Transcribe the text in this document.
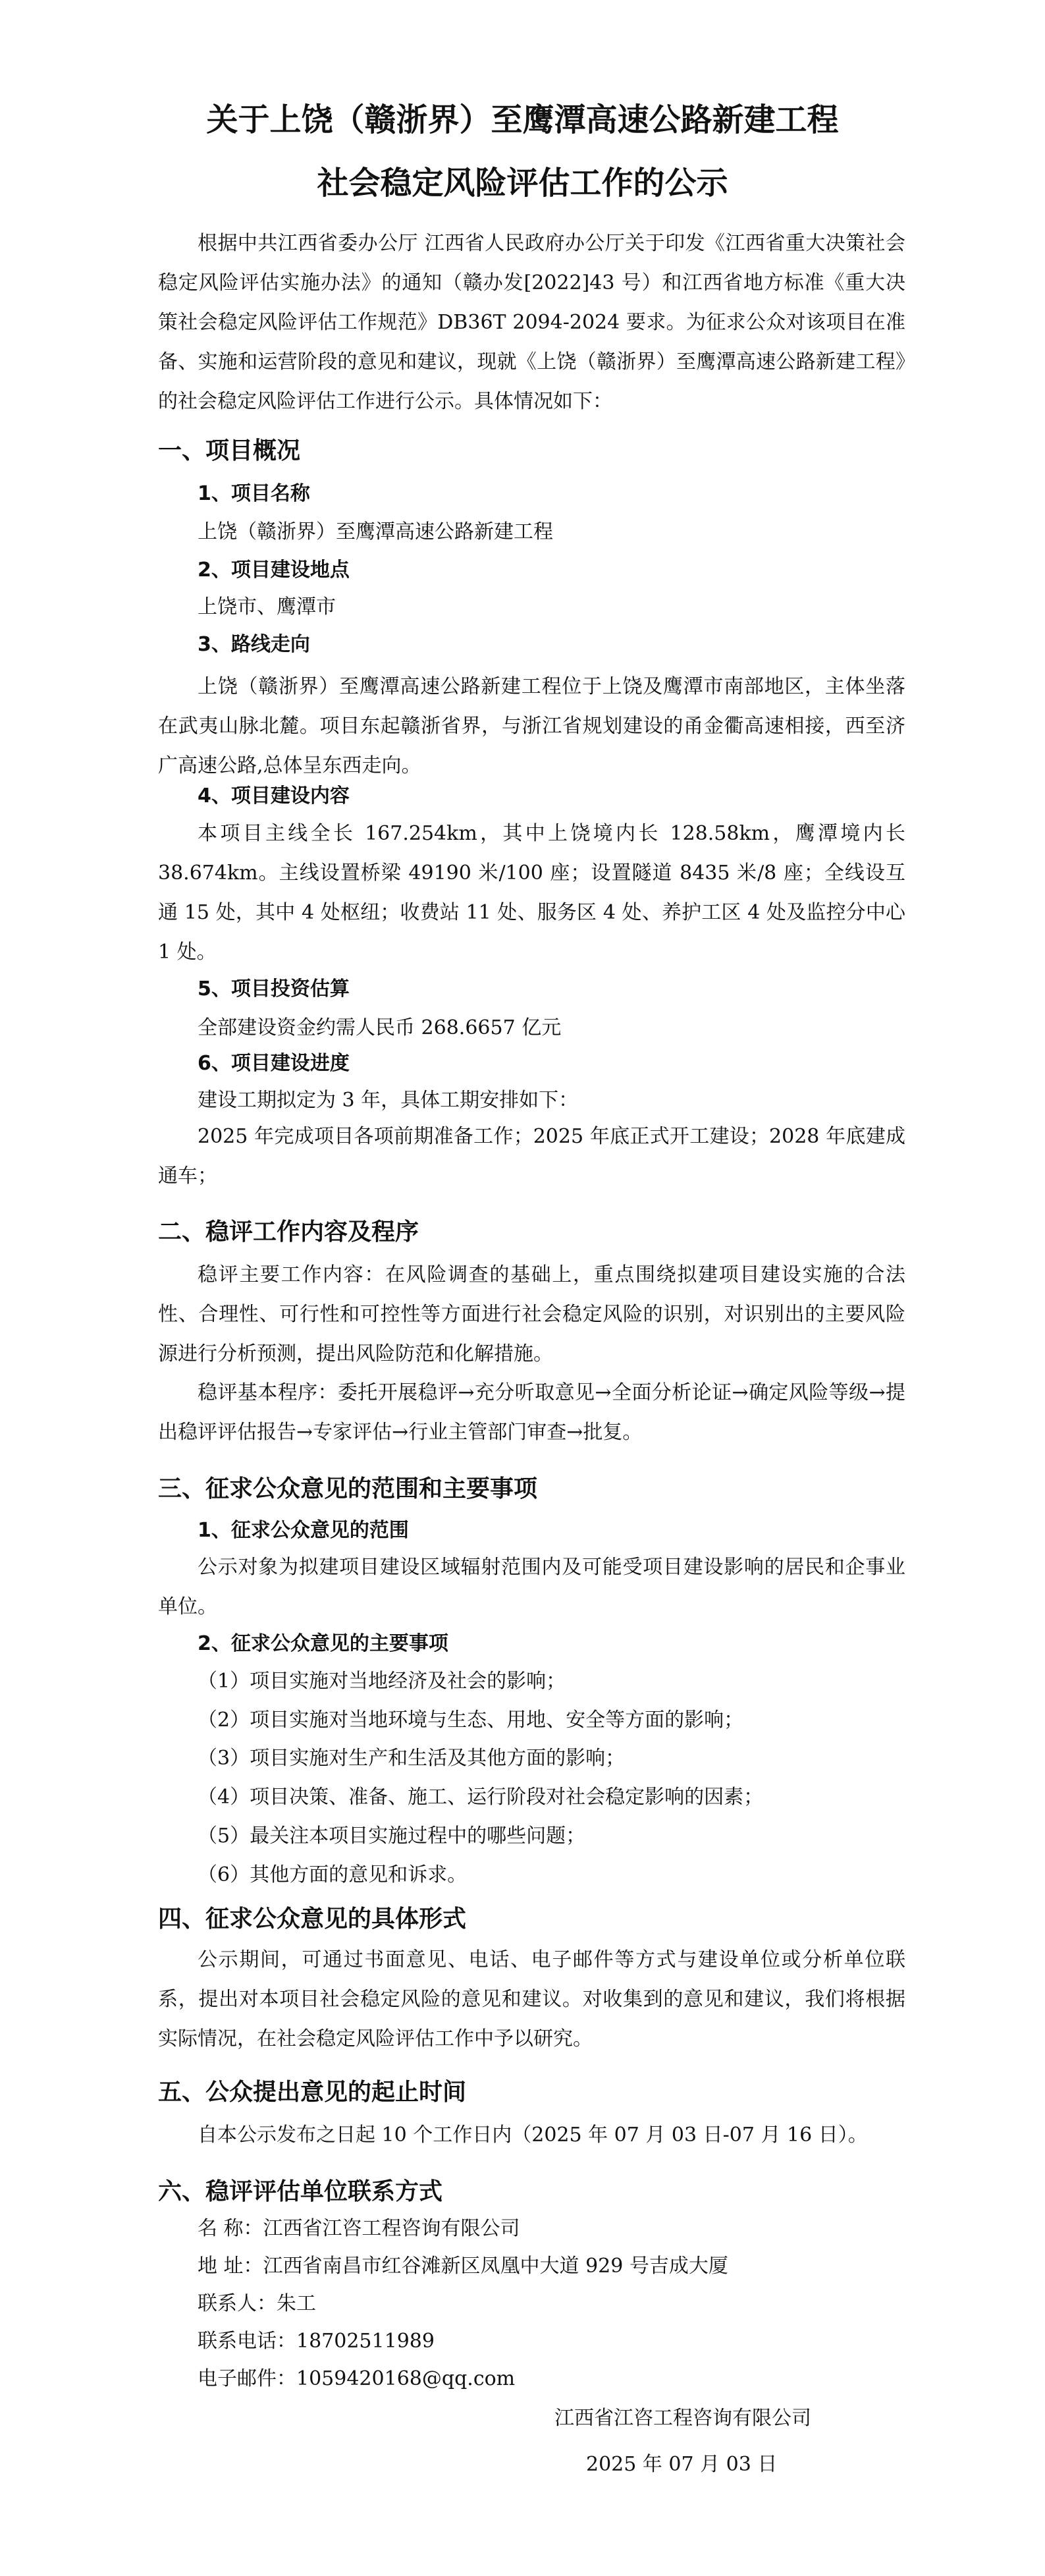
关于上饶（赣浙界）至鹰潭高速公路新建工程
社会稳定风险评估工作的公示

根据中共江西省委办公厅 江西省人民政府办公厅关于印发《江西省重大决策社会稳定风险评估实施办法》的通知（赣办发[2022]43 号）和江西省地方标准《重大决策社会稳定风险评估工作规范》DB36T 2094-2024 要求。为征求公众对该项目在准备、实施和运营阶段的意见和建议，现就《上饶（赣浙界）至鹰潭高速公路新建工程》的社会稳定风险评估工作进行公示。具体情况如下：

一、项目概况
1、项目名称
上饶（赣浙界）至鹰潭高速公路新建工程
2、项目建设地点
上饶市、鹰潭市
3、路线走向

上饶（赣浙界）至鹰潭高速公路新建工程位于上饶及鹰潭市南部地区，主体坐落在武夷山脉北麓。项目东起赣浙省界，与浙江省规划建设的甬金衢高速相接，西至济广高速公路,总体呈东西走向。

4、项目建设内容

本项目主线全长 167.254km，其中上饶境内长 128.58km，鹰潭境内长 38.674km。主线设置桥梁 49190 米/100 座；设置隧道 8435 米/8 座；全线设互通 15 处，其中 4 处枢纽；收费站 11 处、服务区 4 处、养护工区 4 处及监控分中心 1 处。

5、项目投资估算
全部建设资金约需人民币 268.6657 亿元
6、项目建设进度
建设工期拟定为 3 年，具体工期安排如下：

2025 年完成项目各项前期准备工作；2025 年底正式开工建设；2028 年底建成通车；

二、稳评工作内容及程序

稳评主要工作内容：在风险调查的基础上，重点围绕拟建项目建设实施的合法性、合理性、可行性和可控性等方面进行社会稳定风险的识别，对识别出的主要风险源进行分析预测，提出风险防范和化解措施。

稳评基本程序：委托开展稳评→充分听取意见→全面分析论证→确定风险等级→提出稳评评估报告→专家评估→行业主管部门审查→批复。

三、征求公众意见的范围和主要事项
1、征求公众意见的范围

公示对象为拟建项目建设区域辐射范围内及可能受项目建设影响的居民和企事业单位。

2、征求公众意见的主要事项
（1）项目实施对当地经济及社会的影响；
（2）项目实施对当地环境与生态、用地、安全等方面的影响；
（3）项目实施对生产和生活及其他方面的影响；
（4）项目决策、准备、施工、运行阶段对社会稳定影响的因素；
（5）最关注本项目实施过程中的哪些问题；
（6）其他方面的意见和诉求。
四、征求公众意见的具体形式

公示期间，可通过书面意见、电话、电子邮件等方式与建设单位或分析单位联系，提出对本项目社会稳定风险的意见和建议。对收集到的意见和建议，我们将根据实际情况，在社会稳定风险评估工作中予以研究。

五、公众提出意见的起止时间

自本公示发布之日起 10 个工作日内（2025 年 07 月 03 日-07 月 16 日）。

六、稳评评估单位联系方式
名 称：江西省江咨工程咨询有限公司
地 址：江西省南昌市红谷滩新区凤凰中大道 929 号吉成大厦
联系人：朱工
联系电话：18702511989
电子邮件：1059420168@qq.com
江西省江咨工程咨询有限公司
2025 年 07 月 03 日
